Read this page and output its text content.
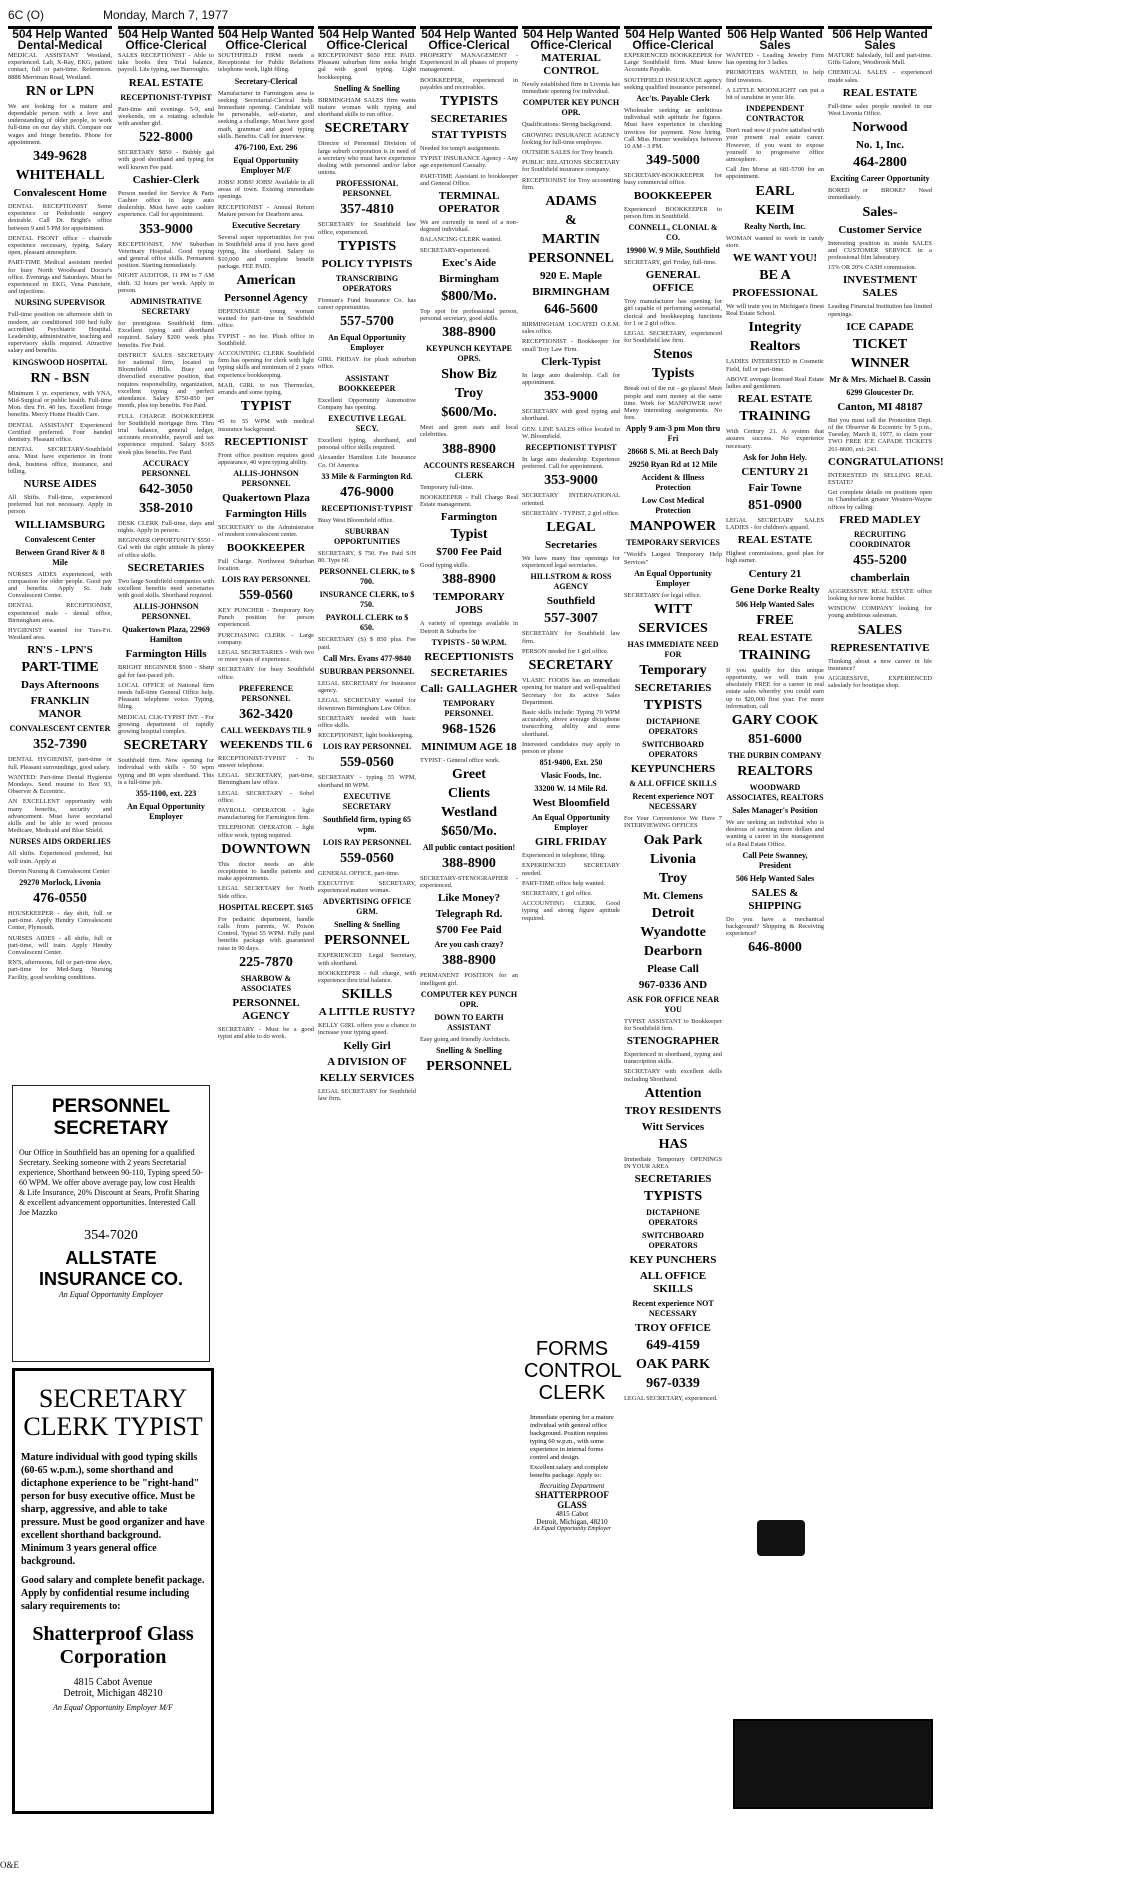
6C (O)	Monday, March 7, 1977
504 Help Wanted Dental-Medical
504 Help Wanted Office-Clerical
504 Help Wanted Office-Clerical
504 Help Wanted Office-Clerical
504 Help Wanted Office-Clerical
504 Help Wanted Office-Clerical
504 Help Wanted Office-Clerical
506 Help Wanted Sales
506 Help Wanted Sales

MEDICAL ASSISTANT Westland, experienced. Lab, X-Ray, EKG, patient contact, full or part-time. References. 8888 Merriman Road, Westland.

RN or LPN

We are looking for a mature and dependable person with a love and understanding of older people, to work full-time on our day shift. Compare our wages and fringe benefits. Phone for appointment.

349-9628

WHITEHALL

Convalescent Home

DENTAL RECEPTIONIST Some experience or Pedodontic surgery desirable. Call Dr. Bright's office between 9 and 5 PM for appointment.

DENTAL FRONT office - chairside experience necessary, typing. Salary open, pleasant atmosphere.

PART-TIME Medical assistant needed for busy North Woodward Doctor's office. Evenings and Saturdays. Must be experienced in EKG, Vena Puncture, and injections.

NURSING SUPERVISOR

Full-time position on afternoon shift in modern, air conditioned 100 bed fully accredited Psychiatric Hospital. Leadership, administrative, teaching and supervisory skills required. Attractive salary and benefits.

KINGSWOOD HOSPITAL

RN - BSN

Minimum 1 yr. experience, with VNA, Mid-Surgical or public health. Full-time Mon. thru Fri. 40 hrs. Excellent fringe benefits. Mercy Home Health Care.

DENTAL ASSISTANT Experienced Certified preferred. Four handed dentistry. Pleasant office.

DENTAL SECRETARY-Southfield area. Must have experience in front desk, business office, insurance, and billing.

NURSE AIDES

All Shifts. Full-time, experienced preferred but not necessary. Apply in person

WILLIAMSBURG

Convalescent Center

Between Grand River & 8 Mile

NURSES AIDES experienced, with compassion for older people. Good pay and benefits. Apply St. Jude Convalescent Center.

DENTAL RECEPTIONIST, experienced male - dental office, Birmingham area.

HYGIENIST wanted for Tues-Fri. Westland area.

RN'S - LPN'S

PART-TIME

Days Afternoons

FRANKLIN MANOR

CONVALESCENT CENTER

352-7390

DENTAL HYGIENIST, part-time or full. Pleasant surroundings, good salary.

WANTED: Part-time Dental Hygienist Mondays. Send resume to Box 93, Observer & Eccentric.

AN EXCELLENT opportunity with many benefits, security and advancement. Must have secretarial skills and be able to word process Medicare, Medicaid and Blue Shield.

NURSES AIDS ORDERLIES

All shifts. Experienced preferred, but will train. Apply at

Dorvin Nursing & Convalescent Center

29270 Morlock, Livonia

476-0550

HOUSEKEEPER - day shift, full or part-time. Apply Hendry Convalescent Center, Plymouth.

NURSES AIDES - all shifts, full or part-time, will train. Apply Hendry Convalescent Center.

RN'S, afternoons, full or part-time days, part-time for Med-Surg Nursing Facility, good working conditions.

SALES RECEPTIONIST - Able to take books thru Trial balance, payroll. Lite typing, use Burroughs.

REAL ESTATE

RECEPTIONIST-TYPIST

Part-time and evenings. 5-9, and weekends, on a rotating schedule with another girl.

522-8000

SECRETARY $850 - Bubbly gal with good shorthand and typing for well known Fee paid.

Cashier-Clerk

Person needed for Service & Parts Cashier office in large auto dealership. Must have auto cashier experience. Call for appointment.

353-9000

RECEPTIONIST, NW Suburban Veterinary Hospital. Good typing and general office skills. Permanent position. Starting immediately.

NIGHT AUDITOR, 11 PM to 7 AM shift. 32 hours per week. Apply in person.

ADMINISTRATIVE SECRETARY

for prestigious Southfield firm. Excellent typing and shorthand required. Salary $200 week plus benefits. Fee Paid.

DISTRICT SALES SECRETARY for national firm, located in Bloomfield Hills. Busy and diversified executive position, that requires responsibility, organization, excellent typing and perfect attendance. Salary $750-850 per month, plus top benefits. Fee Paid.

FULL CHARGE BOOKKEEPER for Southfield mortgage firm. Thru trial balance, general ledger, accounts receivable, payroll and tax experience required. Salary $165 week plus benefits. Fee Paid.

ACCURACY PERSONNEL

642-3050

358-2010

DESK CLERK Full-time, days and nights. Apply in person.

BEGINNER OPPORTUNITY $550 - Gal with the right attitude & plenty of office skills.

SECRETARIES

Two large Southfield companies with excellent benefits need secretaries with good skills. Shorthand required.

ALLIS-JOHNSON PERSONNEL

Quakertown Plaza, 22969 Hamilton

Farmington Hills

BRIGHT BEGINNER $500 - Sharp gal for fast-paced job.

LOCAL OFFICE of National firm needs full-time General Office help. Pleasant telephone voice. Typing, filing.

MEDICAL CLK-TYPIST INT. - For growing department of rapidly growing hospital complex.

SECRETARY

Southfield firm. Now opening for individual with skills - 50 wpm typing and 80 wpm shorthand. This is a full-time job.

355-1100, ext. 223

An Equal Opportunity Employer

SOUTHFIELD FIRM needs a Receptionist for Public Relations telephone work, light filing.

Secretary-Clerical

Manufacturer in Farmington area is seeking Secretarial-Clerical help. Immediate opening. Candidate will be personable, self-starter, and seeking a challenge. Must have good math, grammar and good typing skills. Benefits. Call for interview.

476-7100, Ext. 296

Equal Opportunity Employer M/F

JOBS! JOBS! JOBS! Available in all areas of town. Existing immediate openings.

RECEPTIONIST - Annual Return Mature person for Dearborn area.

Executive Secretary

Several super opportunities for you in Southfield area if you have good typing, lite shorthand. Salary to $10,000 and complete benefit package. FEE PAID.

American

Personnel Agency

DEPENDABLE young woman wanted for part-time in Southfield office.

TYPIST - no fee. Plush office in Southfield.

ACCOUNTING CLERK Southfield firm has opening for clerk with light typing skills and minimum of 2 years experience bookkeeping.

MAIL GIRL to run Thermofax, errands and some typing.

TYPIST

45 to 55 WPM with medical insurance background.

RECEPTIONIST

Front office position requires good appearance, 40 wpm typing ability.

ALLIS-JOHNSON PERSONNEL

Quakertown Plaza

Farmington Hills

SECRETARY to the Administrator of modern convalescent center.

BOOKKEEPER

Full Charge. Northwest Suburban location.

LOIS RAY PERSONNEL

559-0560

KEY PUNCHER - Temporary Key Punch position for person experienced.

PURCHASING CLERK - Large company.

LEGAL SECRETARIES - With two or more years of experience.

SECRETARY for busy Southfield office.

PREFERENCE PERSONNEL

362-3420

CALL WEEKDAYS TIL 9

WEEKENDS TIL 6

RECEPTIONIST-TYPIST - To answer telephone.

LEGAL SECRETARY, part-time, Birmingham law office.

LEGAL SECRETARY - Sobel office.

PAYROLL OPERATOR - light manufacturing for Farmington firm.

TELEPHONE OPERATOR - light office work, typing required.

DOWNTOWN

This doctor needs an able receptionist to handle patients and make appointments.

LEGAL SECRETARY for North Side office.

HOSPITAL RECEPT. $165

For pediatric department, handle calls from parents, W. Poison Control. Typist 55 WPM. Fully paid benefits package with guaranteed raise in 90 days.

225-7870

SHARBOW & ASSOCIATES

PERSONNEL AGENCY

SECRETARY - Must be a good typist and able to do work.

RECEPTIONIST $650 FEE PAID. Pleasant suburban firm seeks bright gal with good typing. Light bookkeeping.

Snelling & Snelling

BIRMINGHAM SALES firm wants mature woman with typing and shorthand skills to run office.

SECRETARY

Director of Personnel Division of large suburb corporation is in need of a secretary who must have experience dealing with personnel and/or labor unions.

PROFESSIONAL PERSONNEL

357-4810

SECRETARY for Southfield law office, experienced.

TYPISTS

POLICY TYPISTS

TRANSCRIBING OPERATORS

Fireman's Fund Insurance Co. has career opportunities.

557-5700

An Equal Opportunity Employer

GIRL FRIDAY for plush suburban office.

ASSISTANT BOOKKEEPER

Excellent Opportunity Automotive Company has opening.

EXECUTIVE LEGAL SECY.

Excellent typing, shorthand, and personal office skills required.

Alexander Hamilton Life Insurance Co. Of America

33 Mile & Farmington Rd.

476-9000

RECEPTIONIST-TYPIST

Busy West Bloomfield office.

SUBURBAN OPPORTUNITIES

SECRETARY, $ 750. Fee Paid S/H 80. Type 60.

PERSONNEL CLERK, to $ 700.

INSURANCE CLERK, to $ 750.

PAYROLL CLERK to $ 650.

SECRETARY (S) $ 850 plus. Fee paid.

Call Mrs. Evans 477-9840

SUBURBAN PERSONNEL

LEGAL SECRETARY for Insurance agency.

LEGAL SECRETARY wanted for downtown Birmingham Law Office.

SECRETARY needed with basic office skills.

RECEPTIONIST, light bookkeeping.

LOIS RAY PERSONNEL

559-0560

SECRETARY - typing 55 WPM, shorthand 80 WPM.

EXECUTIVE SECRETARY

Southfield firm, typing 65 wpm.

LOIS RAY PERSONNEL

559-0560

GENERAL OFFICE, part-time.

EXECUTIVE SECRETARY, experienced mature woman.

ADVERTISING OFFICE GRM.

Snelling & Snelling

PERSONNEL

EXPERIENCED Legal Secretary, with shorthand.

BOOKKEEPER - full charge, with experience thru trial balance.

SKILLS

A LITTLE RUSTY?

KELLY GIRL offers you a chance to increase your typing speed.

Kelly Girl

A DIVISION OF

KELLY SERVICES

LEGAL SECRETARY for Southfield law firm.

PROPERTY MANAGEMENT - Experienced in all phases of property management.

BOOKKEEPER, experienced in payables and receivables.

TYPISTS

SECRETARIES

STAT TYPISTS

Needed for temp't assignments.

TYPIST INSURANCE Agency - Any age experienced Casualty.

PART-TIME Assistant to bookkeeper and General Office.

TERMINAL OPERATOR

We are currently in need of a non-degreed individual.

BALANCING CLERK wanted.

SECRETARY-experienced.

Exec's Aide

Birmingham

$800/Mo.

Top spot for professional person, personal secretary, good skills.

388-8900

KEYPUNCH KEYTAPE OPRS.

Show Biz

Troy

$600/Mo.

Meet and greet stars and local celebrities.

388-8900

ACCOUNTS RESEARCH CLERK

Temporary full-time.

BOOKKEEPER - Full Charge Real Estate management.

Farmington

Typist

$700 Fee Paid

Good typing skills.

388-8900

TEMPORARY JOBS

A variety of openings available in Detroit & Suburbs for

TYPISTS - 50 W.P.M.

RECEPTIONISTS

SECRETARIES

Call: GALLAGHER

TEMPORARY PERSONNEL

968-1526

MINIMUM AGE 18

TYPIST - General office work.

Greet

Clients

Westland

$650/Mo.

All public contact position!

388-8900

SECRETARY-STENOGRAPHER - experienced.

Like Money?

Telegraph Rd.

$700 Fee Paid

Are you cash crazy?

388-8900

PERMANENT POSITION for an intelligent girl.

COMPUTER KEY PUNCH OPR.

DOWN TO EARTH ASSISTANT

Easy going and friendly Architects.

Snelling & Snelling

PERSONNEL

MATERIAL CONTROL

Newly established firm in Livonia has immediate opening for individual.

COMPUTER KEY PUNCH OPR.

Qualifications: Strong background.

GROWING INSURANCE AGENCY looking for full-time employee.

OUTSIDE SALES for Troy branch.

PUBLIC RELATIONS SECRETARY for Southfield insurance company.

RECEPTIONIST for Troy accounting firm.

ADAMS

&

MARTIN

PERSONNEL

920 E. Maple

BIRMINGHAM

646-5600

BIRMINGHAM LOCATED O.E.M. sales office.

RECEPTIONIST - Bookkeeper for small Troy Law Firm.

Clerk-Typist

In large auto dealership. Call for appointment.

353-9000

SECRETARY with good typing and shorthand.

GEN. LINE SALES office located in W. Bloomfield.

RECEPTIONIST TYPIST

In large auto dealership. Experience preferred. Call for appointment.

353-9000

SECRETARY INTERNATIONAL oriented.

SECRETARY - TYPIST, 2 girl office.

LEGAL

Secretaries

We have many fine openings for experienced legal secretaries.

HILLSTROM & ROSS AGENCY

Southfield

557-3007

SECRETARY for Southfield law firm.

PERSON needed for 1 girl office.

SECRETARY

VLASIC FOODS has an immediate opening for mature and well-qualified Secretary for its active Sales Department.

Basic skills include: Typing 70 WPM accurately, above average dictaphone transcribing ability and some shorthand.

Interested candidates may apply in person or phone

851-9400, Ext. 250

Vlasic Foods, Inc.

33200 W. 14 Mile Rd.

West Bloomfield

An Equal Opportunity Employer

GIRL FRIDAY

Experienced in telephone, filing.

EXPERIENCED SECRETARY needed.

PART-TIME office help wanted.

SECRETARY, 1 girl office.

ACCOUNTING CLERK. Good typing and strong figure aptitude required.

EXPERIENCED BOOKKEEPER for Large Southfield firm. Must know Accounts Payable.

SOUTHFIELD INSURANCE agency seeking qualified insurance personnel.

Acc'ts. Payable Clerk

Wholesaler seeking an ambitious individual with aptitude for figures. Must have experience in checking invoices for payment. Now hiring. Call Miss Horner weekdays between 10 AM - 3 PM.

349-5000

SECRETARY-BOOKKEEPER for busy commercial office.

BOOKKEEPER

Experienced BOOKKEEPER to person firm in Southfield.

CONNELL, CLONIAL & CO.

19900 W. 9 Mile, Southfield

SECRETARY, girl Friday, full-time.

GENERAL OFFICE

Troy manufacturer has opening for girl capable of performing secretarial, clerical and bookkeeping functions for 1 or 2 girl office.

LEGAL SECRETARY, experienced for Southfield law firm.

Stenos

Typists

Break out of the rut - go places! Meet people and earn money at the same time. Work for MANPOWER now! Many interesting assignments. No fees.

Apply 9 am-3 pm Mon thru Fri

28668 S. Mi. at Beech Daly

29250 Ryan Rd at 12 Mile

Accident & Illness Protection

Low Cost Medical Protection

MANPOWER

TEMPORARY SERVICES

"World's Largest Temporary Help Services"

An Equal Opportunity Employer

SECRETARY for legal office.

WITT

SERVICES

HAS IMMEDIATE NEED FOR

Temporary

SECRETARIES

TYPISTS

DICTAPHONE OPERATORS

SWITCHBOARD OPERATORS

KEYPUNCHERS

& ALL OFFICE SKILLS

Recent experience NOT NECESSARY

For Your Convenience We Have 7 INTERVIEWING OFFICES

Oak Park

Livonia

Troy

Mt. Clemens

Detroit

Wyandotte

Dearborn

Please Call

967-0336 AND

ASK FOR OFFICE NEAR YOU

TYPIST ASSISTANT to Bookkeeper for Southfield firm.

STENOGRAPHER

Experienced in shorthand, typing and transcription skills.

SECRETARY with excellent skills including Shorthand.

Attention

TROY RESIDENTS

Witt Services

HAS

Immediate Temporary OPENINGS IN YOUR AREA

SECRETARIES

TYPISTS

DICTAPHONE OPERATORS

SWITCHBOARD OPERATORS

KEY PUNCHERS

ALL OFFICE SKILLS

Recent experience NOT NECESSARY

TROY OFFICE

649-4159

OAK PARK

967-0339

LEGAL SECRETARY, experienced.

WANTED - Leading Jewelry Firm has opening for 3 ladies.

PROMOTERS WANTED, to help find investors.

A LITTLE MOONLIGHT can put a bit of sunshine in your life.

INDEPENDENT CONTRACTOR

Don't read now if you're satisfied with your present real estate career. However, if you want to expose yourself to progressive office atmosphere.

Call Jim Morse at 681-5700 for an appointment.

EARL

KEIM

Realty North, Inc.

WOMAN wanted to work in candy store.

WE WANT YOU!

BE A

PROFESSIONAL

We will train you in Michigan's finest Real Estate School.

Integrity

Realtors

LADIES INTERESTED in Cosmetic Field, full or part-time.

ABOVE average licensed Real Estate ladies and gentlemen.

REAL ESTATE

TRAINING

With Century 21. A system that assures success. No experience necessary.

Ask for John Hely.

CENTURY 21

Fair Towne

851-0900

LEGAL SECRETARY SALES LADIES - for children's apparel.

REAL ESTATE

Highest commissions, good plan for high earner.

Century 21

Gene Dorke Realty

506 Help Wanted Sales

FREE

REAL ESTATE

TRAINING

If you qualify for this unique opportunity, we will train you absolutely FREE for a career in real estate sales whereby you could earn up to $20,000 first year. For more information, call

GARY COOK

851-6000

THE DURBIN COMPANY

REALTORS

WOODWARD ASSOCIATES, REALTORS

Sales Manager's Position

We are seeking an individual who is desirous of earning more dollars and wanting a career in the management of a Real Estate Office.

Call Pete Swanney, President

506 Help Wanted Sales

SALES & SHIPPING

Do you have a mechanical background? Shipping & Receiving experience?

646-8000

MATURE Saleslady, full and part-time. Gifts Galore, Westbrook Mall.

CHEMICAL SALES - experienced inside sales.

REAL ESTATE

Full-time sales people needed in our West Livonia Office.

Norwood

No. 1, Inc.

464-2800

Exciting Career Opportunity

BORED or BROKE? Need immediately.

Sales-

Customer Service

Interesting position in inside SALES and CUSTOMER SERVICE in a professional film laboratory.

15% OR 20% CASH commission.

INVESTMENT SALES

Leading Financial Institution has limited openings.

ICE CAPADE

TICKET

WINNER

Mr & Mrs. Michael B. Cassin

6299 Gloucester Dr.

Canton, MI 48187

But you must call the Promotion Dept. of the Observer & Eccentric by 5 p.m., Tuesday, March 8, 1977, to claim your TWO FREE ICE CAPADE TICKETS 261-8600, ext. 243.

CONGRATULATIONS!

INTERESTED IN SELLING REAL ESTATE?

Get complete details on positions open in Chamberlain greater Western-Wayne offices by calling:

FRED MADLEY

RECRUITING COORDINATOR

455-5200

chamberlain

AGGRESSIVE REAL ESTATE office looking for new home builder.

WINDOW COMPANY looking for young ambitious salesman.

SALES

REPRESENTATIVE

Thinking about a new career in life insurance?

AGGRESSIVE, EXPERIENCED saleslady for boutique shop.

PERSONNEL SECRETARY

Our Office in Southfield has an opening for a qualified Secretary. Seeking someone with 2 years Secretarial experience, Shorthand between 90-110, Typing speed 50-60 WPM. We offer above average pay, low cost Health & Life Insurance, 20% Discount at Sears, Profit Sharing & excellent advancement opportunities. Interested Call Joe Mazzko

354-7020
ALLSTATE INSURANCE CO.
An Equal Opportunity Employer
SECRETARY CLERK TYPIST

Mature individual with good typing skills (60-65 w.p.m.), some shorthand and dictaphone experience to be "right-hand" person for busy executive office. Must be sharp, aggressive, and able to take pressure. Must be good organizer and have excellent shorthand background. Minimum 3 years general office background.

Good salary and complete benefit package. Apply by confidential resume including salary requirements to:

Shatterproof Glass Corporation
4815 Cabot Avenue
Detroit, Michigan 48210
An Equal Opportunity Employer M/F
FORMS CONTROL CLERK

Immediate opening for a mature individual with general office background. Position requires typing 60 w.p.m., with some experience in internal forms control and design.

Excellent salary and complete benefits package. Apply to:

Recruiting Department
SHATTERPROOF GLASS
4815 Cabot
Detroit, Michigan, 48210
An Equal Opportunity Employer
O&E
